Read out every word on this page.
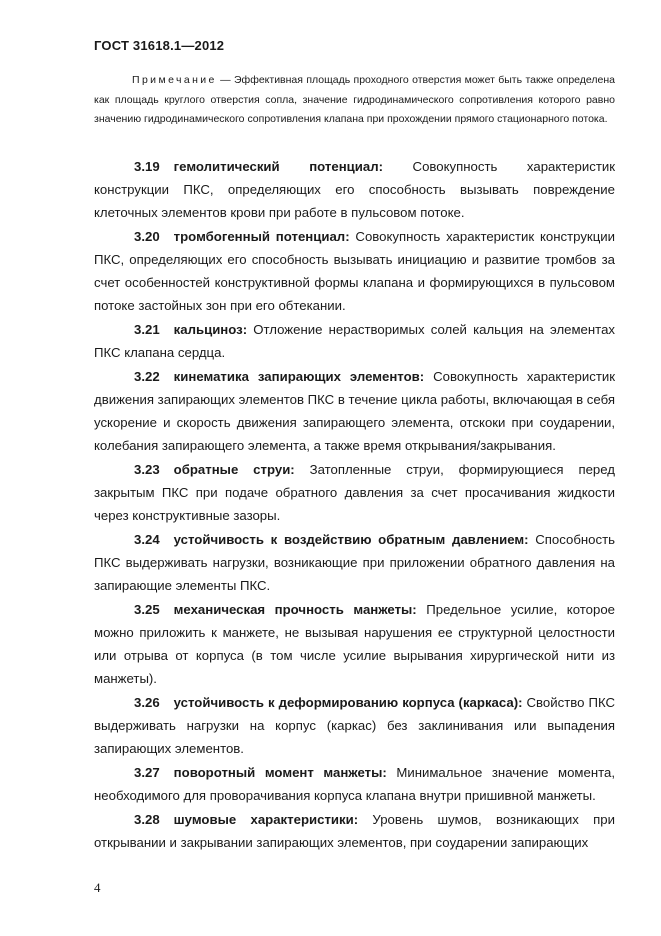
ГОСТ 31618.1—2012
Примечание — Эффективная площадь проходного отверстия может быть также определена как площадь круглого отверстия сопла, значение гидродинамического сопротивления которого равно значению гидродинамического сопротивления клапана при прохождении прямого стационарного потока.

3.19 гемолитический потенциал: Совокупность характеристик конструкции ПКС, определяющих его способность вызывать повреждение клеточных элементов крови при работе в пульсовом потоке.

3.20 тромбогенный потенциал: Совокупность характеристик конструкции ПКС, определяющих его способность вызывать инициацию и развитие тромбов за счет особенностей конструктивной формы клапана и формирующихся в пульсовом потоке застойных зон при его обтекании.

3.21 кальциноз: Отложение нерастворимых солей кальция на элементах ПКС клапана сердца.

3.22 кинематика запирающих элементов: Совокупность характеристик движения запирающих элементов ПКС в течение цикла работы, включающая в себя ускорение и скорость движения запирающего элемента, отскоки при соударении, колебания запирающего элемента, а также время открывания/закрывания.

3.23 обратные струи: Затопленные струи, формирующиеся перед закрытым ПКС при подаче обратного давления за счет просачивания жидкости через конструктивные зазоры.

3.24 устойчивость к воздействию обратным давлением: Способность ПКС выдерживать нагрузки, возникающие при приложении обратного давления на запирающие элементы ПКС.

3.25 механическая прочность манжеты: Предельное усилие, которое можно приложить к манжете, не вызывая нарушения ее структурной целостности или отрыва от корпуса (в том числе усилие вырывания хирургической нити из манжеты).

3.26 устойчивость к деформированию корпуса (каркаса): Свойство ПКС выдерживать нагрузки на корпус (каркас) без заклинивания или выпадения запирающих элементов.

3.27 поворотный момент манжеты: Минимальное значение момента, необходимого для проворачивания корпуса клапана внутри пришивной манжеты.

3.28 шумовые характеристики: Уровень шумов, возникающих при открывании и закрывании запирающих элементов, при соударении запирающих

4
